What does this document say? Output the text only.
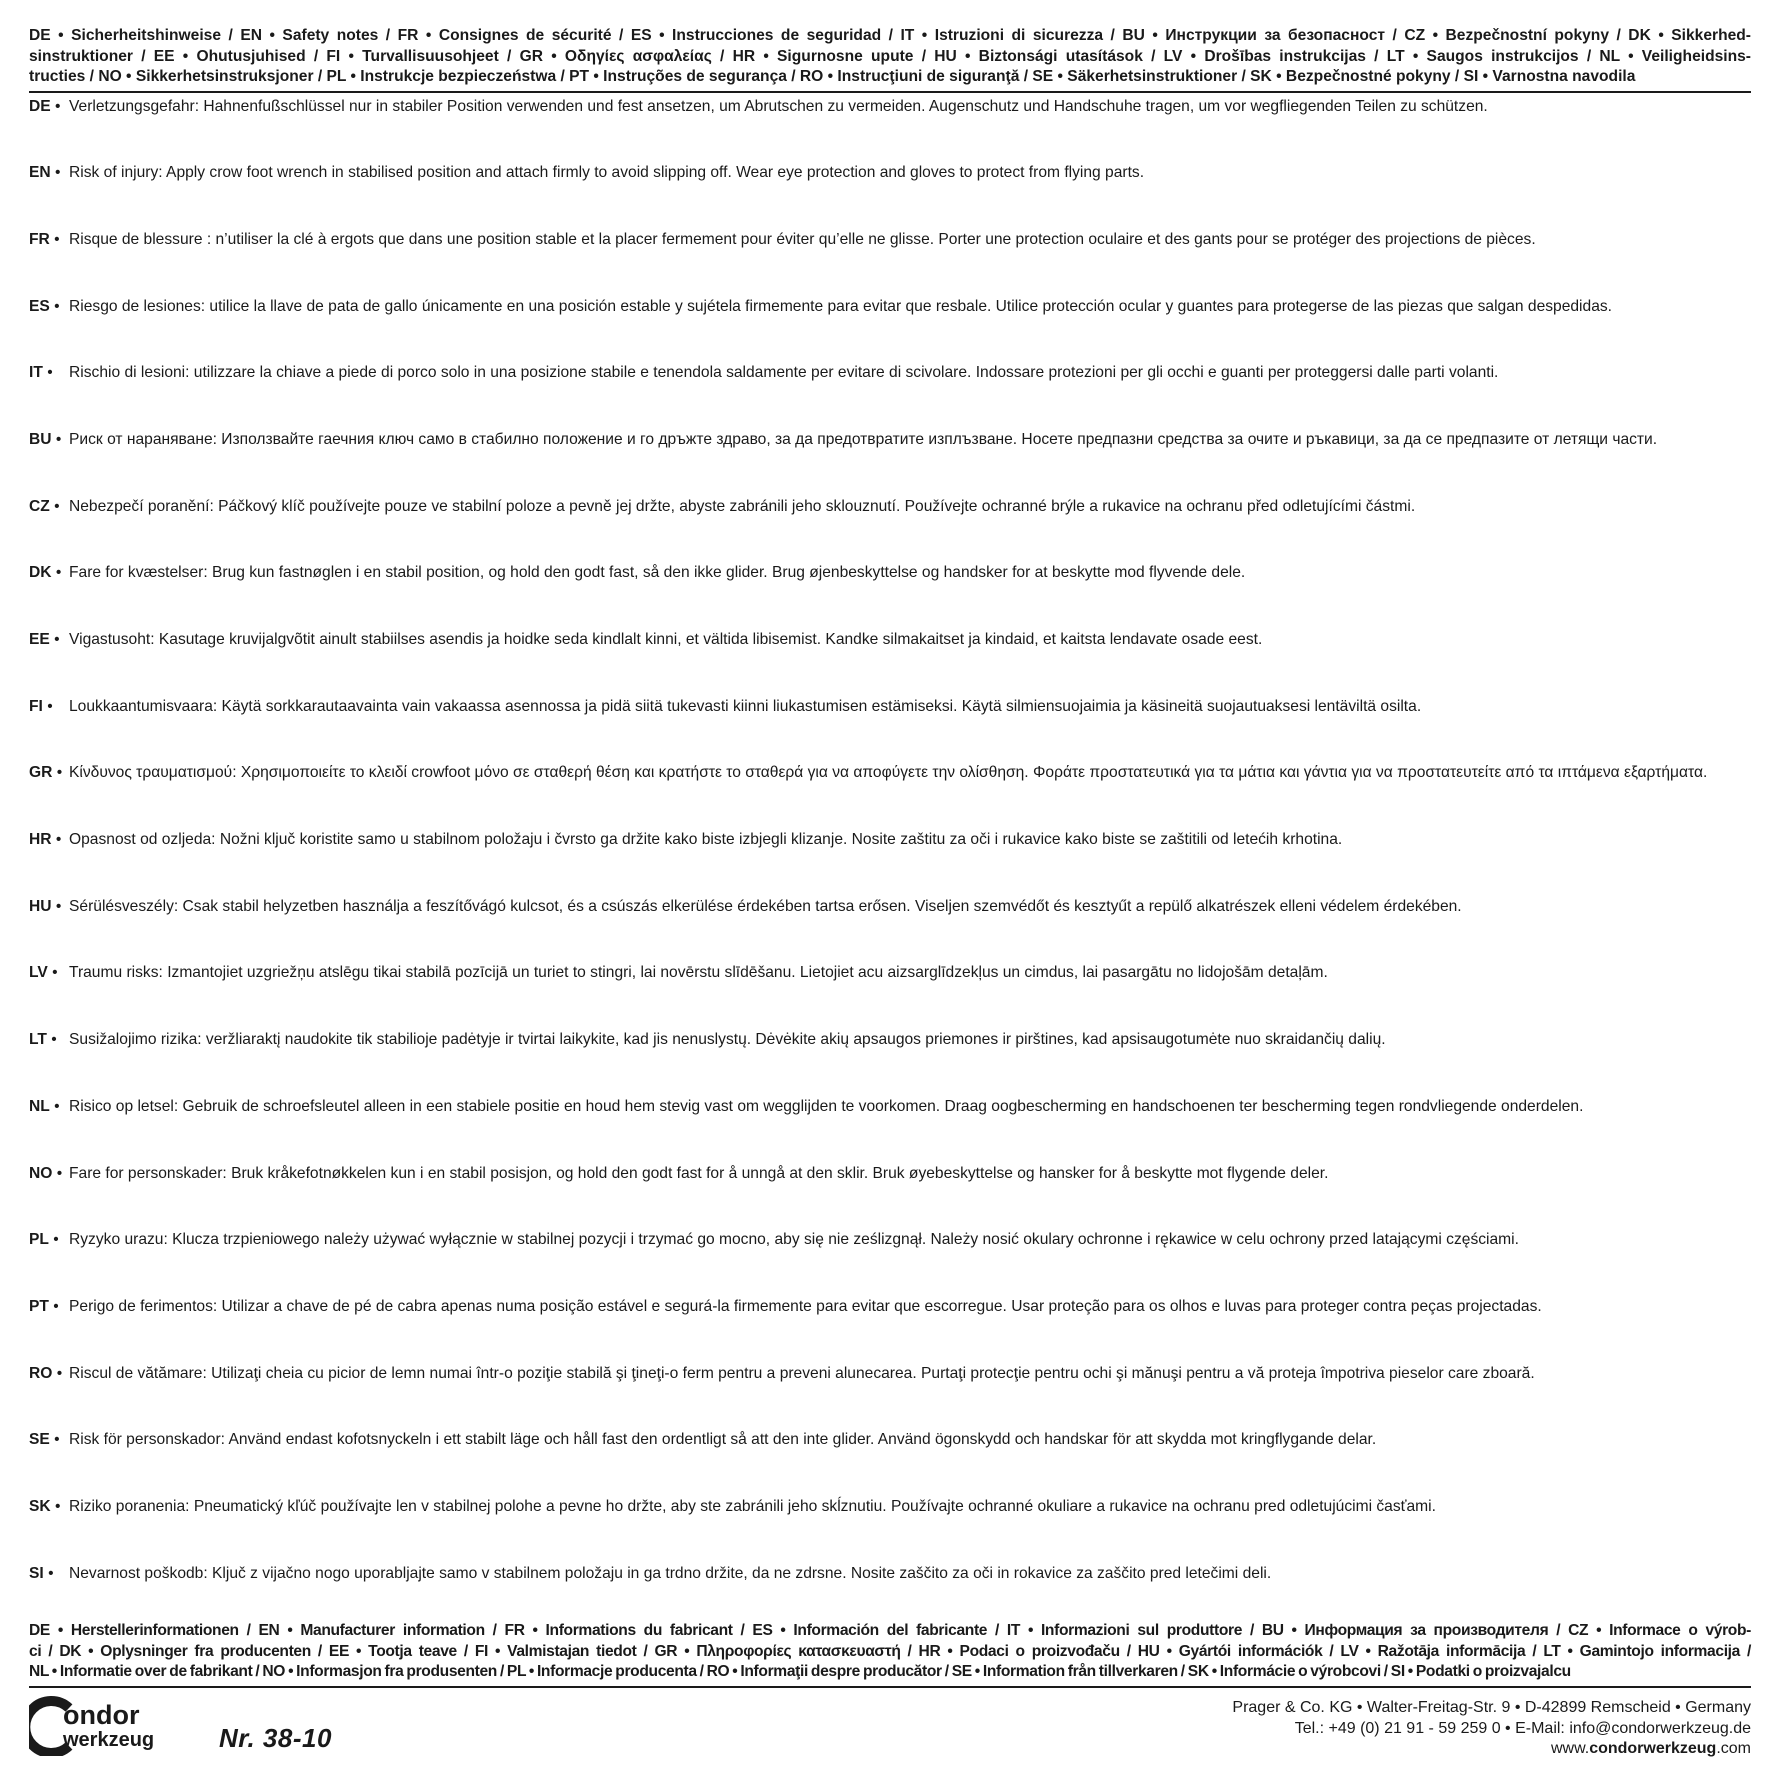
DE • Sicherheitshinweise / EN • Safety notes / FR • Consignes de sécurité / ES • Instrucciones de seguridad / IT • Istruzioni di sicurezza / BU • Инструкции за безопасност / CZ • Bezpečnostní pokyny / DK • Sikkerhed-
sinstruktioner / EE • Ohutusjuhised / FI • Turvallisuusohjeet / GR • Οδηγίες ασφαλείας / HR • Sigurnosne upute / HU • Biztonsági utasítások / LV • Drošības instrukcijas / LT • Saugos instrukcijos / NL • Veiligheidsins-
tructies / NO • Sikkerhetsinstruksjoner / PL • Instrukcje bezpieczeństwa / PT • Instruções de segurança / RO • Instrucţiuni de siguranţă / SE • Säkerhetsinstruktioner / SK • Bezpečnostné pokyny / SI • Varnostna navodila
DE • Verletzungsgefahr: Hahnenfußschlüssel nur in stabiler Position verwenden und fest ansetzen, um Abrutschen zu vermeiden. Augenschutz und Handschuhe tragen, um vor wegfliegenden Teilen zu schützen.
EN • Risk of injury: Apply crow foot wrench in stabilised position and attach firmly to avoid slipping off. Wear eye protection and gloves to protect from flying parts.
FR • Risque de blessure : n’utiliser la clé à ergots que dans une position stable et la placer fermement pour éviter qu’elle ne glisse. Porter une protection oculaire et des gants pour se protéger des projections de pièces.
ES • Riesgo de lesiones: utilice la llave de pata de gallo únicamente en una posición estable y sujétela firmemente para evitar que resbale. Utilice protección ocular y guantes para protegerse de las piezas que salgan despedidas.
IT •	Rischio di lesioni: utilizzare la chiave a piede di porco solo in una posizione stabile e tenendola saldamente per evitare di scivolare. Indossare protezioni per gli occhi e guanti per proteggersi dalle parti volanti.
BU • Риск от нараняване: Използвайте гаечния ключ само в стабилно положение и го дръжте здраво, за да предотвратите изплъзване. Носете предпазни средства за очите и ръкавици, за да се предпазите от летящи части.
CZ • Nebezpečí poranění: Páčkový klíč používejte pouze ve stabilní poloze a pevně jej držte, abyste zabránili jeho sklouznutí. Používejte ochranné brýle a rukavice na ochranu před odletujícími částmi.
DK • Fare for kvæstelser: Brug kun fastnøglen i en stabil position, og hold den godt fast, så den ikke glider. Brug øjenbeskyttelse og handsker for at beskytte mod flyvende dele.
EE • Vigastusoht: Kasutage kruvijalgvõtit ainult stabiilses asendis ja hoidke seda kindlalt kinni, et vältida libisemist. Kandke silmakaitset ja kindaid, et kaitsta lendavate osade eest.
FI •	Loukkaantumisvaara: Käytä sorkkarautaavainta vain vakaassa asennossa ja pidä siitä tukevasti kiinni liukastumisen estämiseksi. Käytä silmiensuojaimia ja käsineitä suojautuaksesi lentäviltä osilta.
GR • Κίνδυνος τραυματισμού: Χρησιμοποιείτε το κλειδί crowfoot μόνο σε σταθερή θέση και κρατήστε το σταθερά για να αποφύγετε την ολίσθηση. Φοράτε προστατευτικά για τα μάτια και γάντια για να προστατευτείτε από τα ιπτάμενα εξαρτήματα.
HR • Opasnost od ozljeda: Nožni ključ koristite samo u stabilnom položaju i čvrsto ga držite kako biste izbjegli klizanje. Nosite zaštitu za oči i rukavice kako biste se zaštitili od letećih krhotina.
HU • Sérülésveszély: Csak stabil helyzetben használja a feszítővágó kulcsot, és a csúszás elkerülése érdekében tartsa erősen. Viseljen szemvédőt és kesztyűt a repülő alkatrészek elleni védelem érdekében.
LV • Traumu risks: Izmantojiet uzgriežņu atslēgu tikai stabilā pozīcijā un turiet to stingri, lai novērstu slīdēšanu. Lietojiet acu aizsarglīdzekļus un cimdus, lai pasargātu no lidojošām detaļām.
LT • Susižalojimo rizika: veržliaraktį naudokite tik stabilioje padėtyje ir tvirtai laikykite, kad jis nenuslystų. Dėvėkite akių apsaugos priemones ir pirštines, kad apsisaugotumėte nuo skraidančių dalių.
NL • Risico op letsel: Gebruik de schroefsleutel alleen in een stabiele positie en houd hem stevig vast om wegglijden te voorkomen. Draag oogbescherming en handschoenen ter bescherming tegen rondvliegende onderdelen.
NO • Fare for personskader: Bruk kråkefotnøkkelen kun i en stabil posisjon, og hold den godt fast for å unngå at den sklir. Bruk øyebeskyttelse og hansker for å beskytte mot flygende deler.
PL • Ryzyko urazu: Klucza trzpieniowego należy używać wyłącznie w stabilnej pozycji i trzymać go mocno, aby się nie ześlizgnął. Należy nosić okulary ochronne i rękawice w celu ochrony przed latającymi częściami.
PT • Perigo de ferimentos: Utilizar a chave de pé de cabra apenas numa posição estável e segurá-la firmemente para evitar que escorregue. Usar proteção para os olhos e luvas para proteger contra peças projectadas.
RO • Riscul de vătămare: Utilizaţi cheia cu picior de lemn numai într-o poziţie stabilă şi ţineţi-o ferm pentru a preveni alunecarea. Purtaţi protecţie pentru ochi şi mănuşi pentru a vă proteja împotriva pieselor care zboară.
SE • Risk för personskador: Använd endast kofotsnyckeln i ett stabilt läge och håll fast den ordentligt så att den inte glider. Använd ögonskydd och handskar för att skydda mot kringflygande delar.
SK • Riziko poranenia: Pneumatický kľúč používajte len v stabilnej polohe a pevne ho držte, aby ste zabránili jeho skĺznutiu. Používajte ochranné okuliare a rukavice na ochranu pred odletujúcimi časťami.
SI • Nevarnost poškodb: Ključ z vijačno nogo uporabljajte samo v stabilnem položaju in ga trdno držite, da ne zdrsne. Nosite zaščito za oči in rokavice za zaščito pred letečimi deli.
DE • Herstellerinformationen / EN • Manufacturer information / FR • Informations du fabricant / ES • Información del fabricante / IT • Informazioni sul produttore / BU • Информация за производителя / CZ • Informace o výrob-
ci / DK • Oplysninger fra producenten / EE • Tootja teave / FI • Valmistajan tiedot / GR • Πληροφορίες κατασκευαστή / HR • Podaci o proizvođaču / HU • Gyártói információk / LV • Ražotāja informācija / LT • Gamintojo informacija /
NL • Informatie over de fabrikant / NO • Informasjon fra produsenten / PL • Informacje producenta / RO • Informaţii despre producător / SE • Information från tillverkaren / SK • Informácie o výrobcovi / SI • Podatki o proizvajalcu
ondor
werkzeug Nr. 38-10
Prager & Co. KG • Walter-Freitag-Str. 9 • D-42899 Remscheid • Germany
Tel.: +49 (0) 21 91 - 59 259 0 • E-Mail: info@condorwerkzeug.de
www.condorwerkzeug.com
